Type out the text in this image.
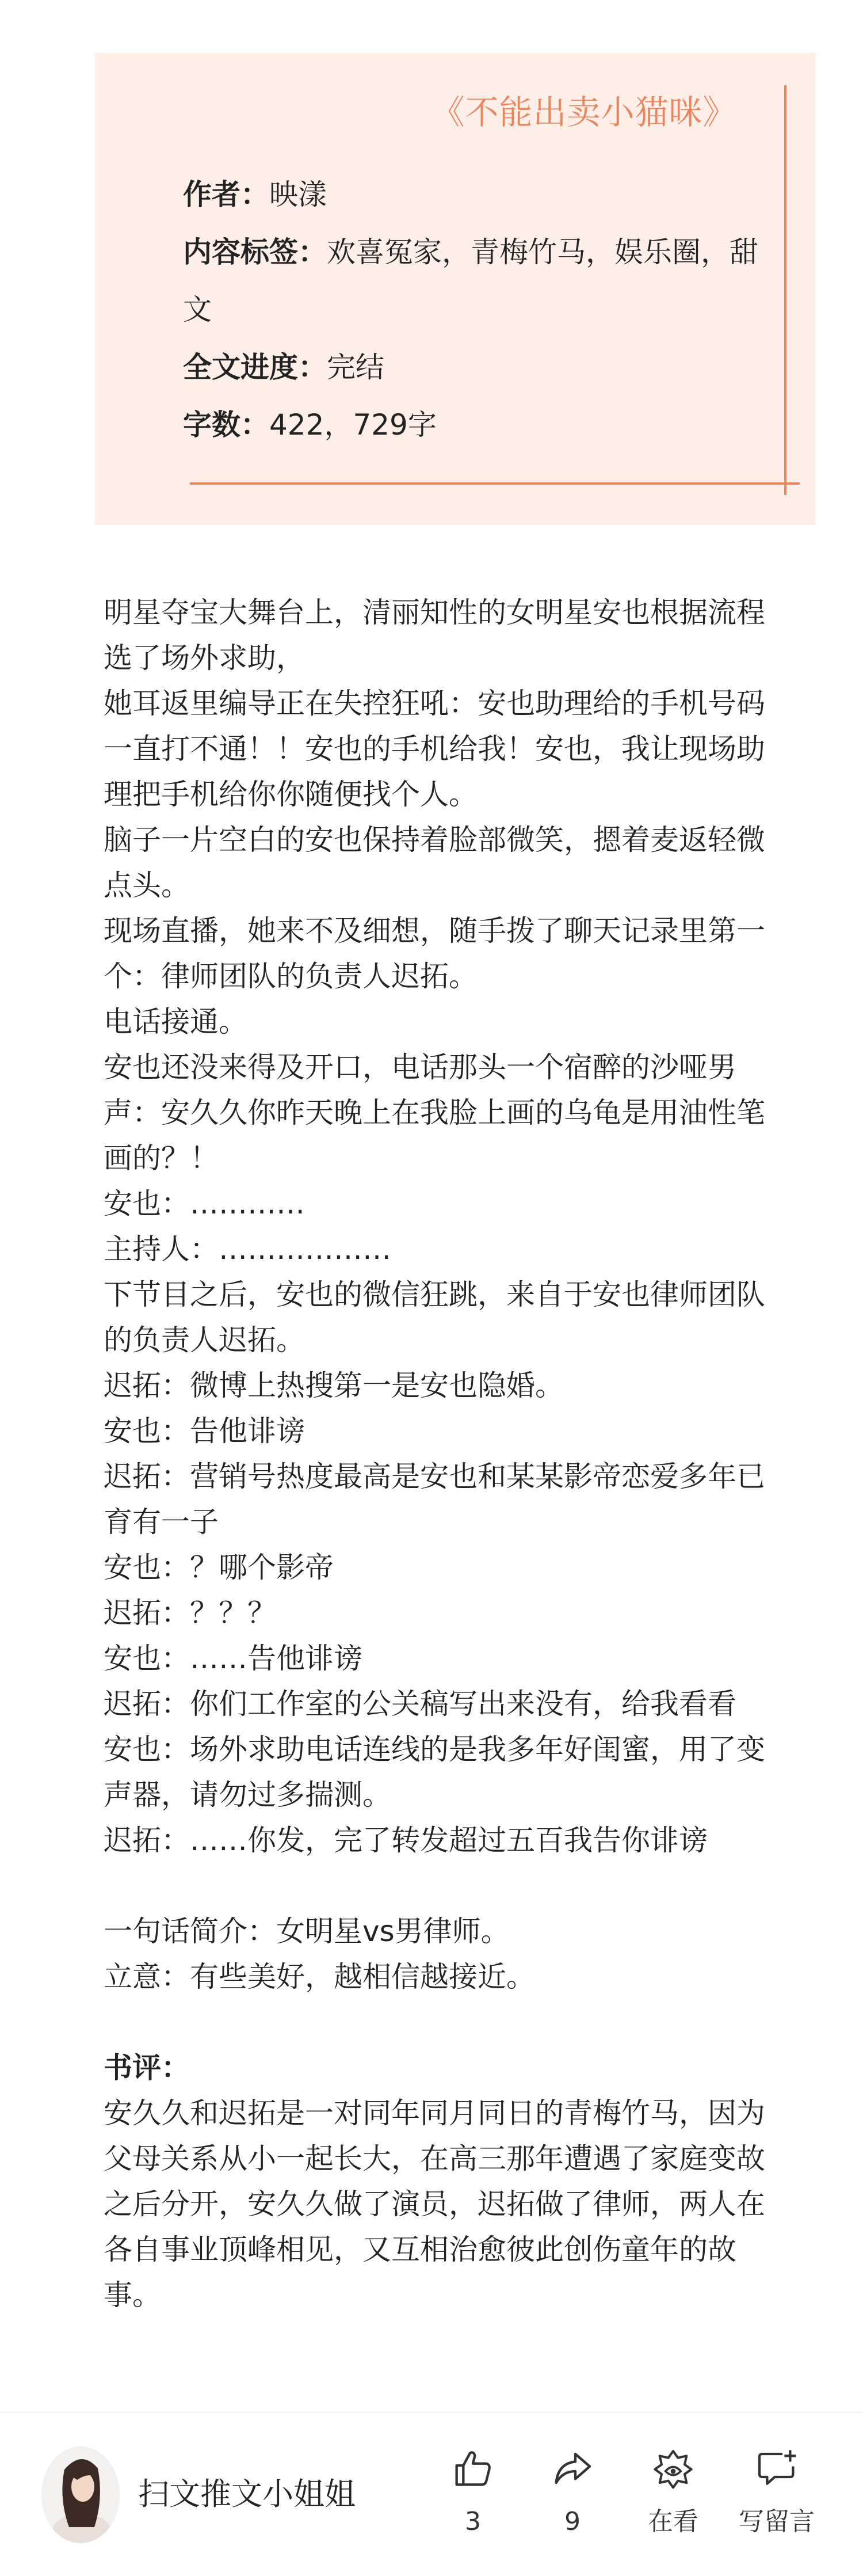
《不能出卖小猫咪》
作者：映漾
内容标签：欢喜冤家，青梅竹马，娱乐圈，甜文
全文进度：完结
字数：422，729字

明星夺宝大舞台上，清丽知性的女明星安也根据流程选了场外求助，

她耳返里编导正在失控狂吼：安也助理给的手机号码一直打不通！！安也的手机给我！安也，我让现场助理把手机给你你随便找个人。

脑子一片空白的安也保持着脸部微笑，摁着麦返轻微点头。

现场直播，她来不及细想，随手拨了聊天记录里第一个：律师团队的负责人迟拓。

电话接通。

安也还没来得及开口，电话那头一个宿醉的沙哑男声：安久久你昨天晚上在我脸上画的乌龟是用油性笔画的？！

安也：…………

主持人：………………

下节目之后，安也的微信狂跳，来自于安也律师团队的负责人迟拓。

迟拓：微博上热搜第一是安也隐婚。

安也：告他诽谤

迟拓：营销号热度最高是安也和某某影帝恋爱多年已育有一子

安也：？哪个影帝

迟拓：？？？

安也：……告他诽谤

迟拓：你们工作室的公关稿写出来没有，给我看看

安也：场外求助电话连线的是我多年好闺蜜，用了变声器，请勿过多揣测。

迟拓：……你发，完了转发超过五百我告你诽谤

一句话简介：女明星vs男律师。

立意：有些美好，越相信越接近。

书评：

安久久和迟拓是一对同年同月同日的青梅竹马，因为父母关系从小一起长大，在高三那年遭遇了家庭变故之后分开，安久久做了演员，迟拓做了律师，两人在各自事业顶峰相见，又互相治愈彼此创伤童年的故事。

扫文推文小姐姐
3	9	在看	写留言
